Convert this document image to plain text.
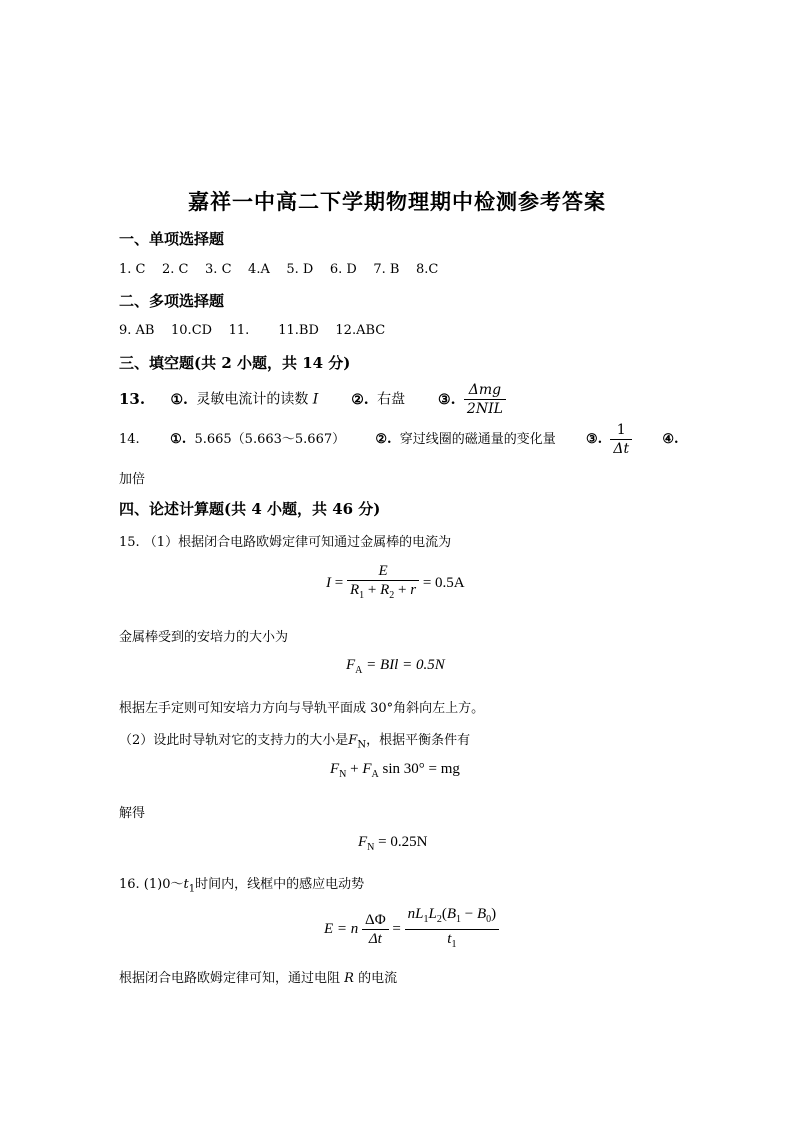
嘉祥一中高二下学期物理期中检测参考答案
一、单项选择题
1. C 2. C 3. C 4.A 5. D 6. D 7. B 8.C
二、多项选择题
9. AB 10.CD 11. 11.BD 12.ABC
三、填空题(共 2 小题，共 14 分)
13. ①. 灵敏电流计的读数 I ②. 右盘 ③. $\frac{\text{Δmg}}{\text{2NIL}}$
14. ①. 5.665（5.663～5.667） ②. 穿过线圈的磁通量的变化量 ③. $\frac{1}{\Delta t}$ ④.
加倍
四、论述计算题(共 4 小题，共 46 分)
15. （1）根据闭合电路欧姆定律可知通过金属棒的电流为
$I = \frac{E}{R_1 + R_2 + r} = 0.5A$
金属棒受到的安培力的大小为
$F_A$ = BIl = 0.5N
根据左手定则可知安培力方向与导轨平面成 30°角斜向左上方。
（2）设此时导轨对它的支持力的大小是$F_N$，根据平衡条件有
$F_N + F_A$ sin 30° = mg
解得
$F_N = 0.25N$
16. $(1)0\sim t_1$时间内，线框中的感应电动势
E = n $\frac{\Delta\Phi}{\Delta t} = \frac{nL_1L_2(B_1 - B_0)}{t_1}$
根据闭合电路欧姆定律可知，通过电阻 R 的电流
